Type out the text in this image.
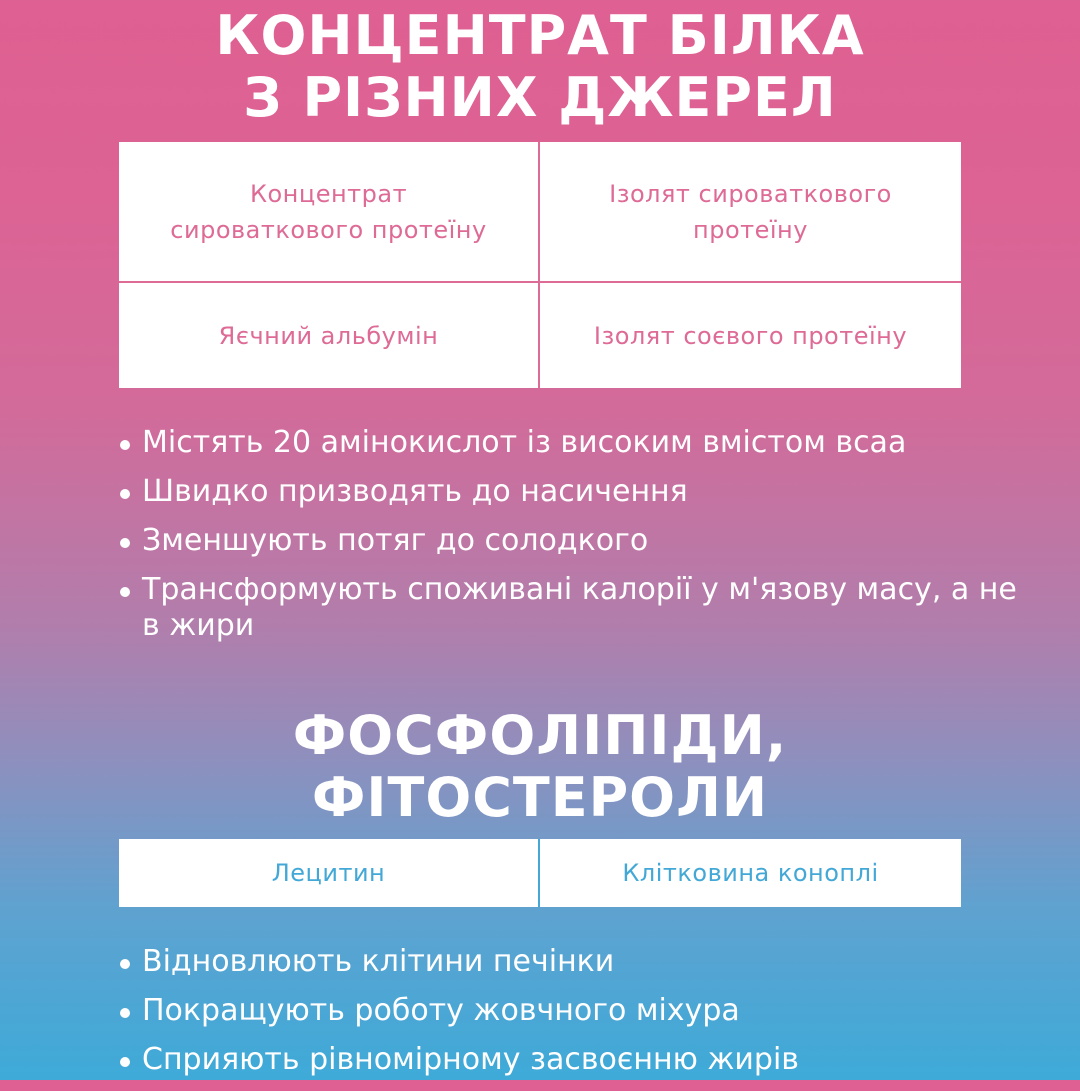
КОНЦЕНТРАТ БІЛКА
З РІЗНИХ ДЖЕРЕЛ
Концентрат сироваткового протеїну
Ізолят сироваткового протеїну
Яєчний альбумін	Ізолят соєвого протеїну
Містять 20 амінокислот із високим вмістом всаа
Швидко призводять до насичення
Зменшують потяг до солодкого
Трансформують споживані калорії у м'язову масу, а не в жири
ФОСФОЛІПІДИ,
ФІТОСТЕРОЛИ
Лецитин	Клітковина коноплі
Відновлюють клітини печінки
Покращують роботу жовчного міхура
Сприяють рівномірному засвоєнню жирів
